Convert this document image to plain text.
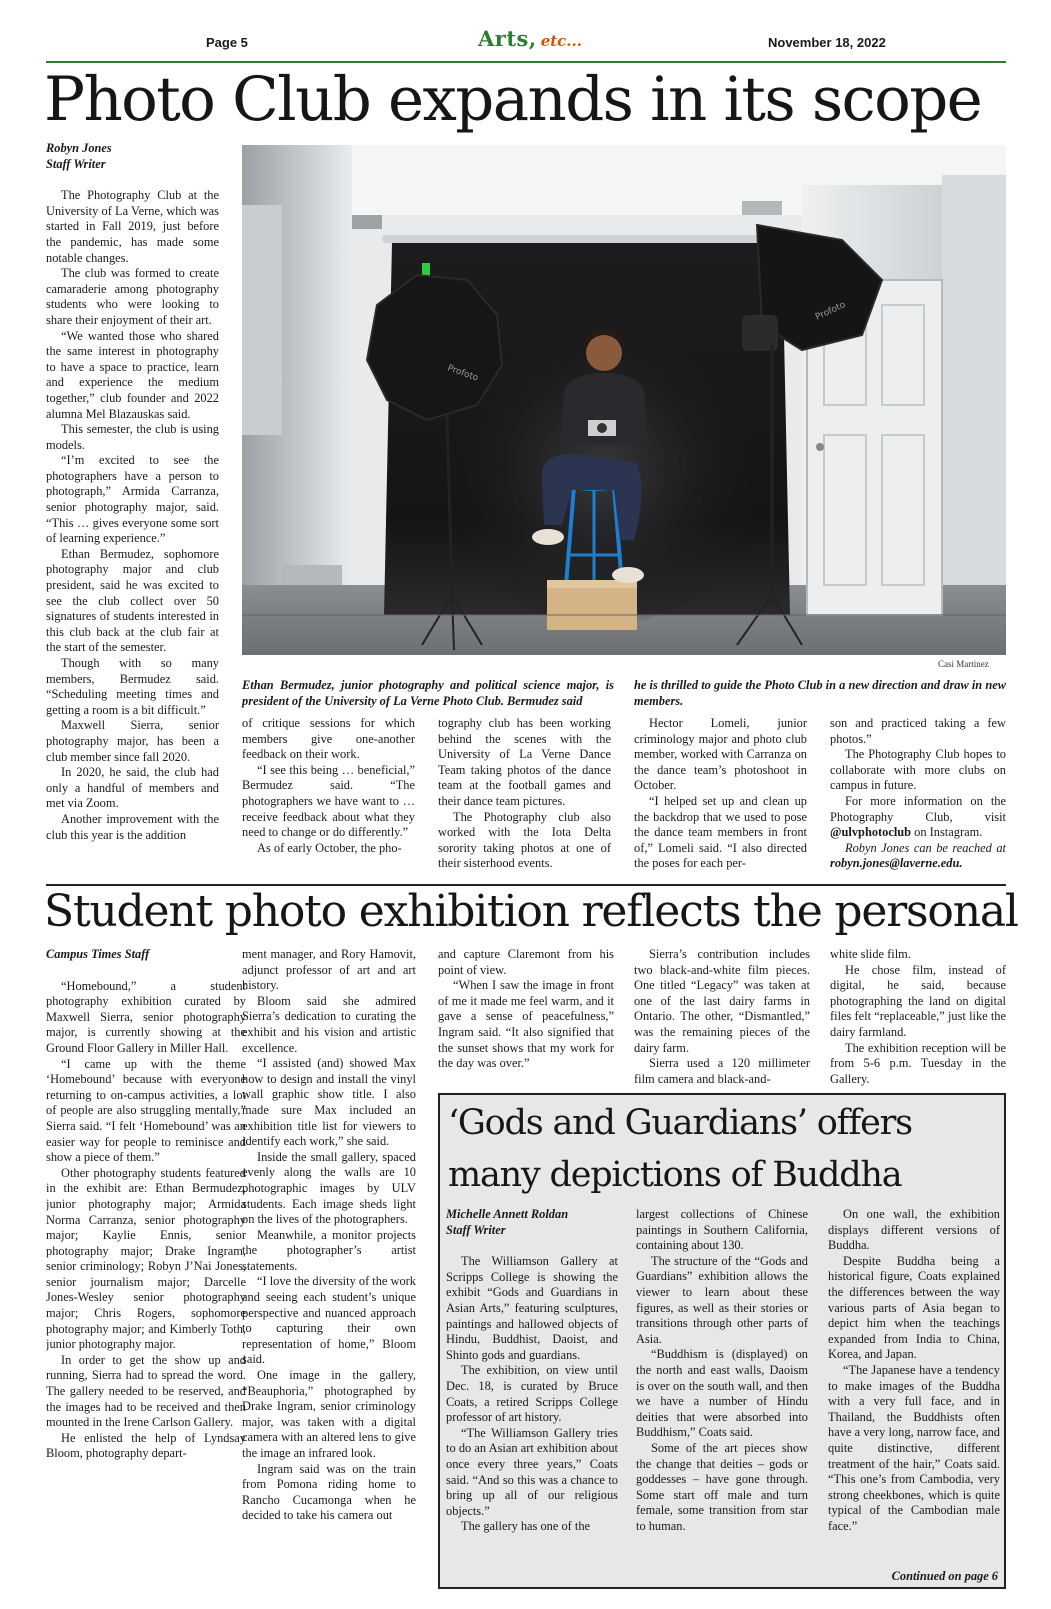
Page 5	Arts, etc...	November 18, 2022
Photo Club expands in its scope

Robyn Jones
Staff Writer

The Photography Club at the University of La Verne, which was started in Fall 2019, just before the pandemic, has made some notable changes.

The club was formed to create camaraderie among photography students who were looking to share their enjoyment of their art.

“We wanted those who shared the same interest in photography to have a space to practice, learn and experience the medium together,” club founder and 2022 alumna Mel Blazauskas said.

This semester, the club is using models.

“I’m excited to see the photographers have a person to photograph,” Armida Carranza, senior photography major, said. “This … gives everyone some sort of learning experience.”

Ethan Bermudez, sophomore photography major and club president, said he was excited to see the club collect over 50 signatures of students interested in this club back at the club fair at the start of the semester.

Though with so many members, Bermudez said. “Scheduling meeting times and getting a room is a bit difficult.”

Maxwell Sierra, senior photography major, has been a club member since fall 2020.

In 2020, he said, the club had only a handful of members and met via Zoom.

Another improvement with the club this year is the addition

Profoto
Profoto
Casi Martinez
Ethan Bermudez, junior photography and political science major, is president of the University of La Verne Photo Club. Bermudez said
he is thrilled to guide the Photo Club in a new direction and draw in new members.

of critique sessions for which members give one-another feedback on their work.

“I see this being … beneficial,” Bermudez said. “The photographers we have want to …receive feedback about what they need to change or do differently.”

As of early October, the pho-

tography club has been working behind the scenes with the University of La Verne Dance Team taking photos of the dance team at the football games and their dance team pictures.

The Photography club also worked with the Iota Delta sorority taking photos at one of their sisterhood events.

Hector Lomeli, junior criminology major and photo club member, worked with Carranza on the dance team’s photoshoot in October.

“I helped set up and clean up the backdrop that we used to pose the dance team members in front of,” Lomeli said. “I also directed the poses for each per-

son and practiced taking a few photos.”

The Photography Club hopes to collaborate with more clubs on campus in future.

For more information on the Photography Club, visit @ulvphotoclub on Instagram.

Robyn Jones can be reached at robyn.jones@laverne.edu.

Student photo exhibition reflects the personal

Campus Times Staff

“Homebound,” a student photography exhibition curated by Maxwell Sierra, senior photography major, is currently showing at the Ground Floor Gallery in Miller Hall.

“I came up with the theme ‘Homebound’ because with everyone returning to on-campus activities, a lot of people are also struggling mentally,” Sierra said. “I felt ‘Homebound’ was an easier way for people to reminisce and show a piece of them.”

Other photography students featured in the exhibit are: Ethan Bermudez, junior photography major; Armida Norma Carranza, senior photography major; Kaylie Ennis, senior photography major; Drake Ingram, senior criminology; Robyn J’Nai Jones, senior journalism major; Darcelle Jones-Wesley senior photography major; Chris Rogers, sophomore photography major; and Kimberly Toth, junior photography major.

In order to get the show up and running, Sierra had to spread the word. The gallery needed to be reserved, and the images had to be received and then mounted in the Irene Carlson Gallery.

He enlisted the help of Lyndsay Bloom, photography depart-

ment manager, and Rory Hamovit, adjunct professor of art and art history.

Bloom said she admired Sierra’s dedication to curating the exhibit and his vision and artistic excellence.

“I assisted (and) showed Max how to design and install the vinyl wall graphic show title. I also made sure Max included an exhibition title list for viewers to identify each work,” she said.

Inside the small gallery, spaced evenly along the walls are 10 photographic images by ULV students. Each image sheds light on the lives of the photographers.

Meanwhile, a monitor projects the photographer’s artist statements.

“I love the diversity of the work and seeing each student’s unique perspective and nuanced approach to capturing their own representation of home,” Bloom said.

One image in the gallery, “Beauphoria,” photographed by Drake Ingram, senior criminology major, was taken with a digital camera with an altered lens to give the image an infrared look.

Ingram said was on the train from Pomona riding home to Rancho Cucamonga when he decided to take his camera out

and capture Claremont from his point of view.

“When I saw the image in front of me it made me feel warm, and it gave a sense of peacefulness,” Ingram said. “It also signified that the sunset shows that my work for the day was over.”

Sierra’s contribution includes two black-and-white film pieces. One titled “Legacy” was taken at one of the last dairy farms in Ontario. The other, “Dismantled,” was the remaining pieces of the dairy farm.

Sierra used a 120 millimeter film camera and black-and-

white slide film.

He chose film, instead of digital, he said, because photographing the land on digital files felt “replaceable,” just like the dairy farmland.

The exhibition reception will be from 5-6 p.m. Tuesday in the Gallery.

‘Gods and Guardians’ offers
many depictions of Buddha

Michelle Annett Roldan
Staff Writer

The Williamson Gallery at Scripps College is showing the exhibit “Gods and Guardians in Asian Arts,” featuring sculptures, paintings and hallowed objects of Hindu, Buddhist, Daoist, and Shinto gods and guardians.

The exhibition, on view until Dec. 18, is curated by Bruce Coats, a retired Scripps College professor of art history.

“The Williamson Gallery tries to do an Asian art exhibition about once every three years,” Coats said. “And so this was a chance to bring up all of our religious objects.”

The gallery has one of the

largest collections of Chinese paintings in Southern California, containing about 130.

The structure of the “Gods and Guardians” exhibition allows the viewer to learn about these figures, as well as their stories or transitions through other parts of Asia.

“Buddhism is (displayed) on the north and east walls, Daoism is over on the south wall, and then we have a number of Hindu deities that were absorbed into Buddhism,” Coats said.

Some of the art pieces show the change that deities – gods or goddesses – have gone through. Some start off male and turn female, some transition from star to human.

On one wall, the exhibition displays different versions of Buddha.

Despite Buddha being a historical figure, Coats explained the differences between the way various parts of Asia began to depict him when the teachings expanded from India to China, Korea, and Japan.

“The Japanese have a tendency to make images of the Buddha with a very full face, and in Thailand, the Buddhists often have a very long, narrow face, and quite distinctive, different treatment of the hair,” Coats said. “This one’s from Cambodia, very strong cheekbones, which is quite typical of the Cambodian male face.”

Continued on page 6
